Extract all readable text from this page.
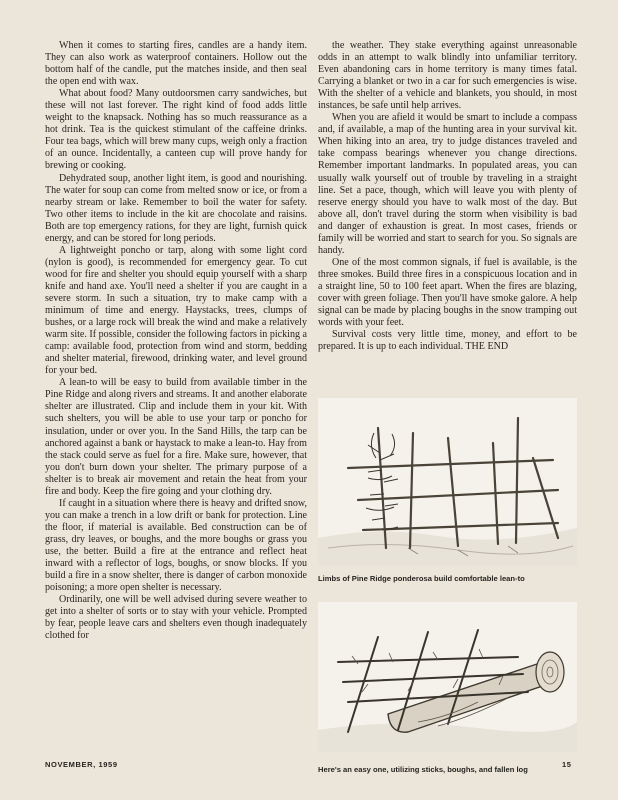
When it comes to starting fires, candles are a handy item. They can also work as waterproof containers. Hollow out the bottom half of the candle, put the matches inside, and then seal the open end with wax.

What about food? Many outdoorsmen carry sandwiches, but these will not last forever. The right kind of food adds little weight to the knapsack. Nothing has so much reassurance as a hot drink. Tea is the quickest stimulant of the caffeine drinks. Four tea bags, which will brew many cups, weigh only a fraction of an ounce. Incidentally, a canteen cup will prove handy for brewing or cooking.

Dehydrated soup, another light item, is good and nourishing. The water for soup can come from melted snow or ice, or from a nearby stream or lake. Remember to boil the water for safety. Two other items to include in the kit are chocolate and raisins. Both are top emergency rations, for they are light, furnish quick energy, and can be stored for long periods.

A lightweight poncho or tarp, along with some light cord (nylon is good), is recommended for emergency gear. To cut wood for fire and shelter you should equip yourself with a sharp knife and hand axe. You'll need a shelter if you are caught in a severe storm. In such a situation, try to make camp with a minimum of time and energy. Haystacks, trees, clumps of bushes, or a large rock will break the wind and make a relatively warm site. If possible, consider the following factors in picking a camp: available food, protection from wind and storm, bedding and shelter material, firewood, drinking water, and level ground for your bed.

A lean-to will be easy to build from available timber in the Pine Ridge and along rivers and streams. It and another elaborate shelter are illustrated. Clip and include them in your kit. With such shelters, you will be able to use your tarp or poncho for insulation, under or over you. In the Sand Hills, the tarp can be anchored against a bank or haystack to make a lean-to. Hay from the stack could serve as fuel for a fire. Make sure, however, that you don't burn down your shelter. The primary purpose of a shelter is to break air movement and retain the heat from your fire and body. Keep the fire going and your clothing dry.

If caught in a situation where there is heavy and drifted snow, you can make a trench in a low drift or bank for protection. Line the floor, if material is available. Bed construction can be of grass, dry leaves, or boughs, and the more boughs or grass you use, the better. Build a fire at the entrance and reflect heat inward with a reflector of logs, boughs, or snow blocks. If you build a fire in a snow shelter, there is danger of carbon monoxide poisoning; a more open shelter is necessary.

Ordinarily, one will be well advised during severe weather to get into a shelter of sorts or to stay with your vehicle. Prompted by fear, people leave cars and shelters even though inadequately clothed for

the weather. They stake everything against unreasonable odds in an attempt to walk blindly into unfamiliar territory. Even abandoning cars in home territory is many times fatal. Carrying a blanket or two in a car for such emergencies is wise. With the shelter of a vehicle and blankets, you should, in most instances, be safe until help arrives.

When you are afield it would be smart to include a compass and, if available, a map of the hunting area in your survival kit. When hiking into an area, try to judge distances traveled and take compass bearings whenever you change directions. Remember important landmarks. In populated areas, you can usually walk yourself out of trouble by traveling in a straight line. Set a pace, though, which will leave you with plenty of reserve energy should you have to walk most of the day. But above all, don't travel during the storm when visibility is bad and danger of exhaustion is great. In most cases, friends or family will be worried and start to search for you. So signals are handy.

One of the most common signals, if fuel is available, is the three smokes. Build three fires in a conspicuous location and in a straight line, 50 to 100 feet apart. When the fires are blazing, cover with green foliage. Then you'll have smoke galore. A help signal can be made by placing boughs in the snow tramping out words with your feet.

Survival costs very little time, money, and effort to be prepared. It is up to each individual. THE END

Limbs of Pine Ridge ponderosa build comfortable lean-to
Here's an easy one, utilizing sticks, boughs, and fallen log
NOVEMBER, 1959	15
